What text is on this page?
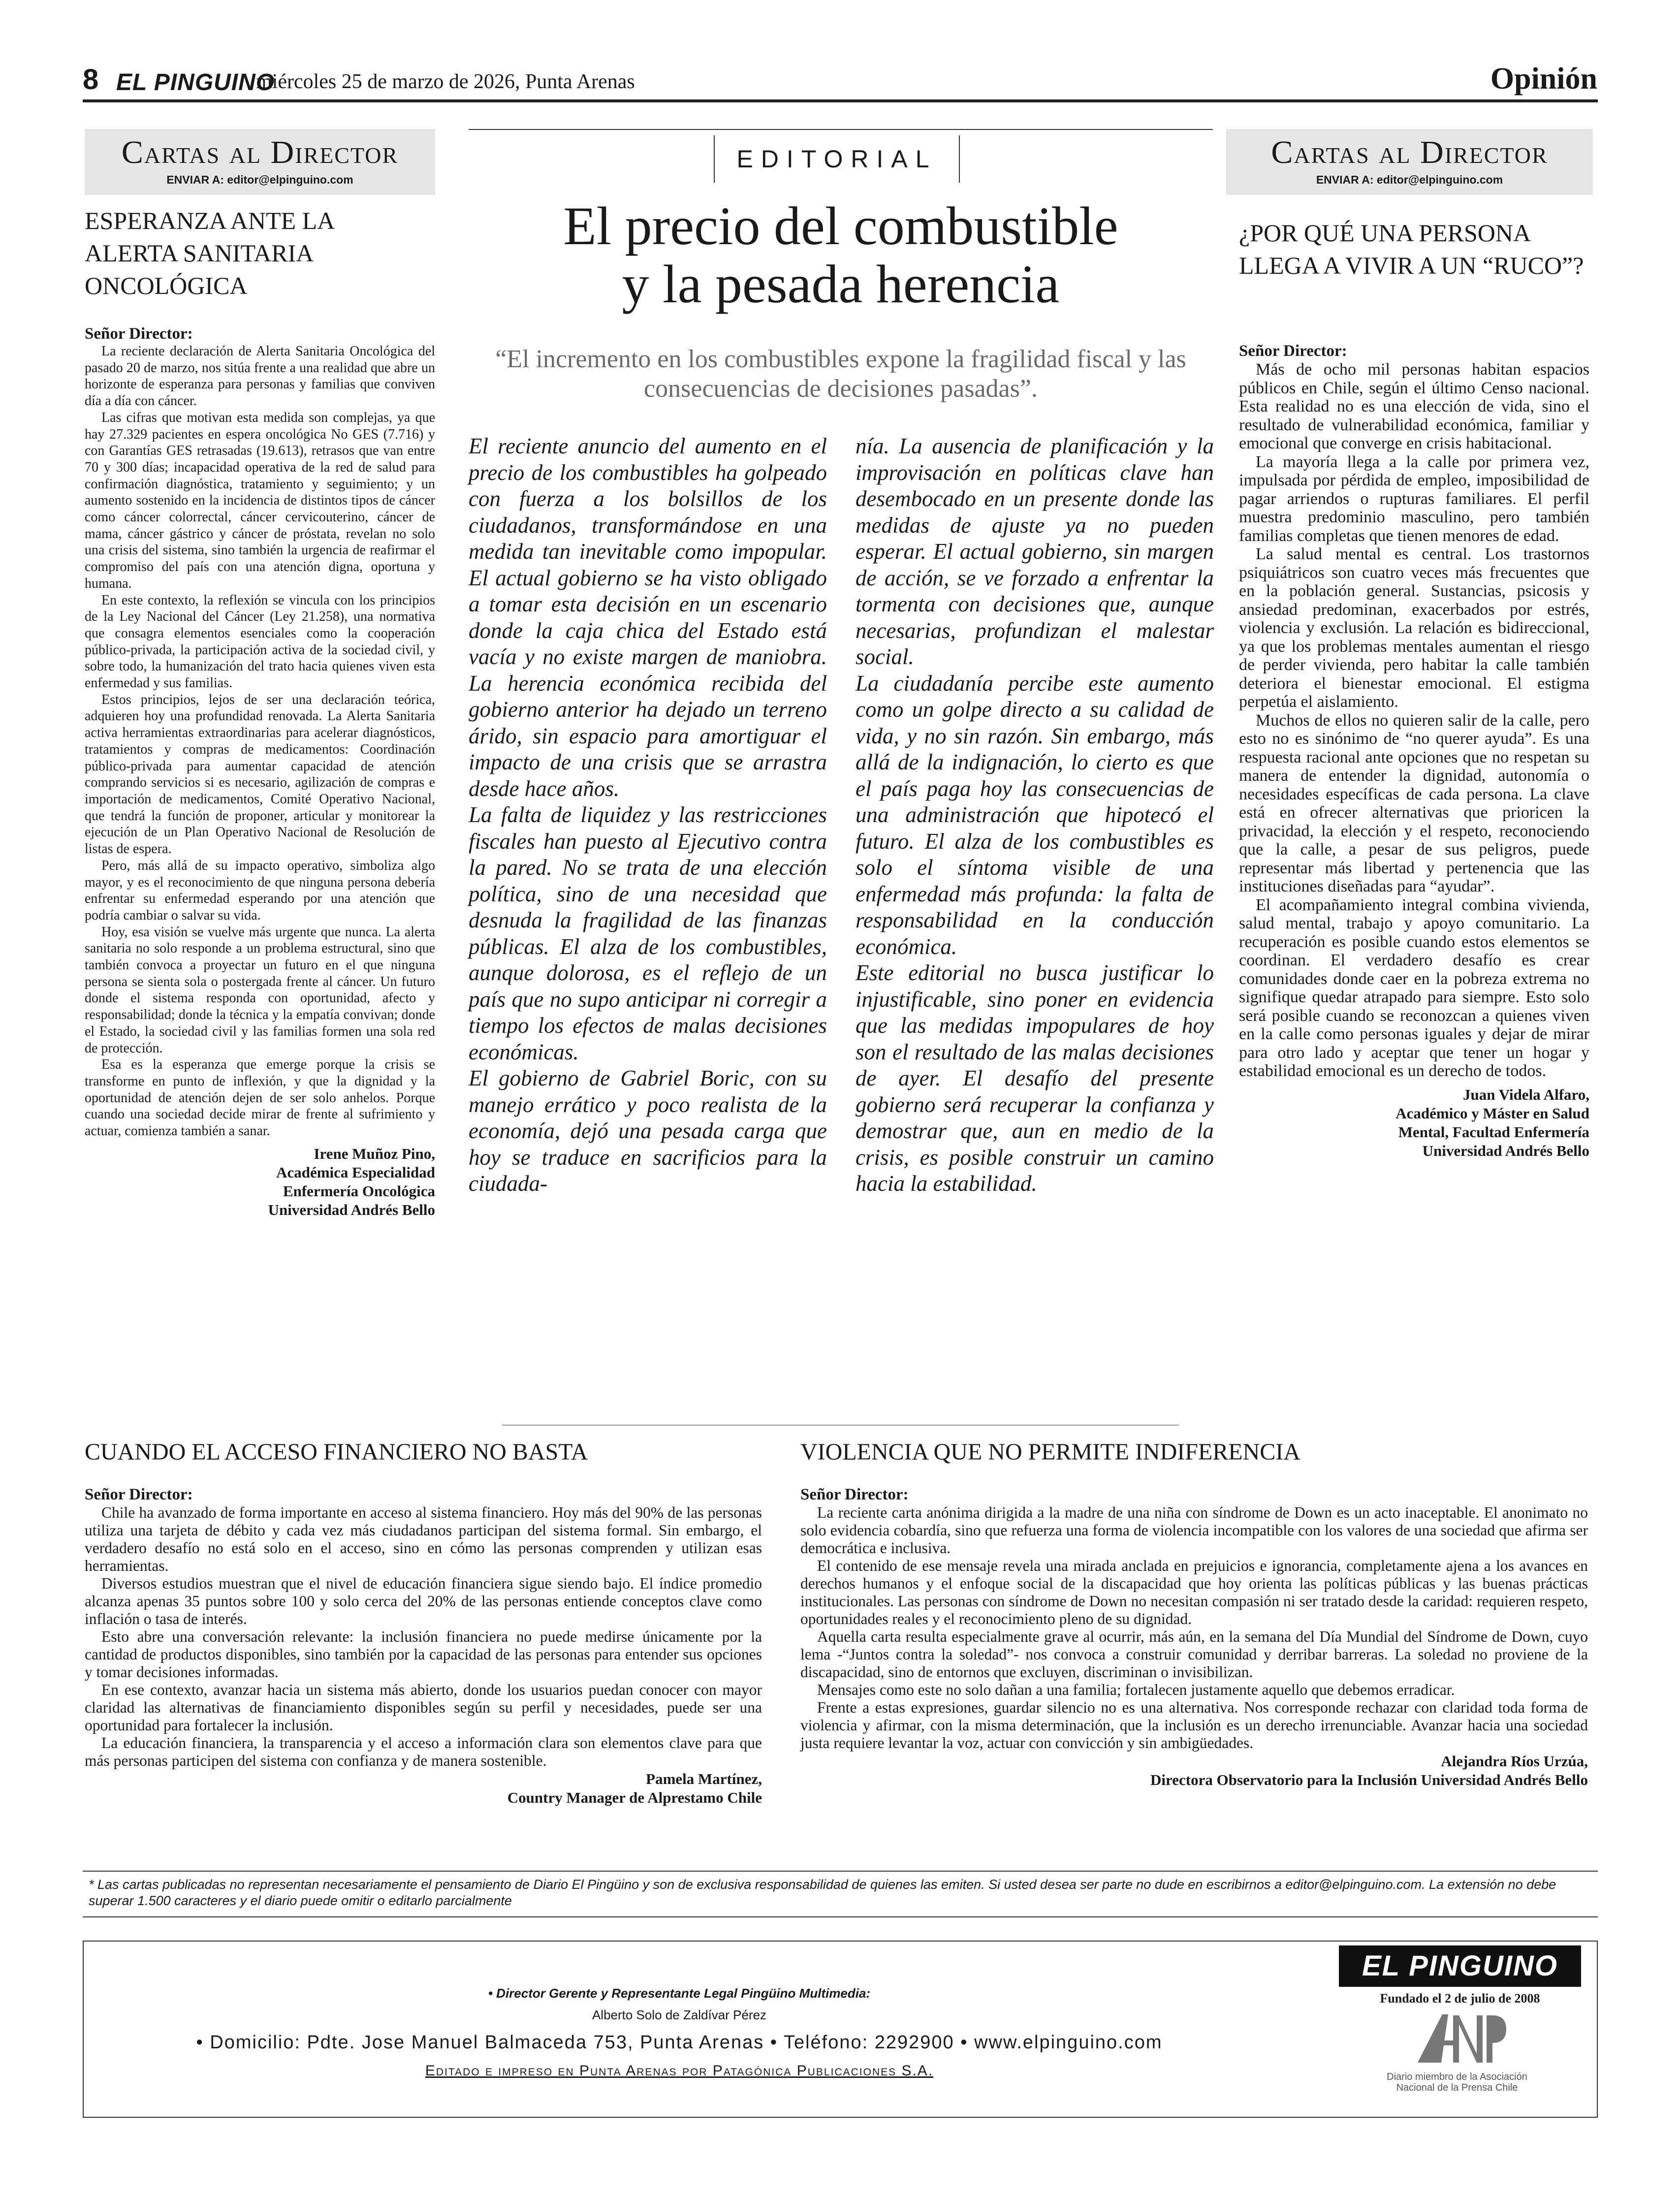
8 EL PINGUINO
miércoles 25 de marzo de 2026, Punta Arenas	Opinión
Cartas al Director
ENVIAR A: editor@elpinguino.com
ESPERANZA ANTE LA ALERTA SANITARIA ONCOLÓGICA
Señor Director:

La reciente declaración de Alerta Sanitaria Oncológica del pasado 20 de marzo, nos sitúa frente a una realidad que abre un horizonte de esperanza para personas y familias que conviven día a día con cáncer.

Las cifras que motivan esta medida son complejas, ya que hay 27.329 pacientes en espera oncológica No GES (7.716) y con Garantías GES retrasadas (19.613), retrasos que van entre 70 y 300 días; incapacidad operativa de la red de salud para confirmación diagnóstica, tratamiento y seguimiento; y un aumento sostenido en la incidencia de distintos tipos de cáncer como cáncer colorrectal, cáncer cervicouterino, cáncer de mama, cáncer gástrico y cáncer de próstata, revelan no solo una crisis del sistema, sino también la urgencia de reafirmar el compromiso del país con una atención digna, oportuna y humana.

En este contexto, la reflexión se vincula con los principios de la Ley Nacional del Cáncer (Ley 21.258), una normativa que consagra elementos esenciales como la cooperación público-privada, la participación activa de la sociedad civil, y sobre todo, la humanización del trato hacia quienes viven esta enfermedad y sus familias.

Estos principios, lejos de ser una declaración teórica, adquieren hoy una profundidad renovada. La Alerta Sanitaria activa herramientas extraordinarias para acelerar diagnósticos, tratamientos y compras de medicamentos: Coordinación público-privada para aumentar capacidad de atención comprando servicios si es necesario, agilización de compras e importación de medicamentos, Comité Operativo Nacional, que tendrá la función de proponer, articular y monitorear la ejecución de un Plan Operativo Nacional de Resolución de listas de espera.

Pero, más allá de su impacto operativo, simboliza algo mayor, y es el reconocimiento de que ninguna persona debería enfrentar su enfermedad esperando por una atención que podría cambiar o salvar su vida.

Hoy, esa visión se vuelve más urgente que nunca. La alerta sanitaria no solo responde a un problema estructural, sino que también convoca a proyectar un futuro en el que ninguna persona se sienta sola o postergada frente al cáncer. Un futuro donde el sistema responda con oportunidad, afecto y responsabilidad; donde la técnica y la empatía convivan; donde el Estado, la sociedad civil y las familias formen una sola red de protección.

Esa es la esperanza que emerge porque la crisis se transforme en punto de inflexión, y que la dignidad y la oportunidad de atención dejen de ser solo anhelos. Porque cuando una sociedad decide mirar de frente al sufrimiento y actuar, comienza también a sanar.

Irene Muñoz Pino,
Académica Especialidad
Enfermería Oncológica
Universidad Andrés Bello
EDITORIAL
El precio del combustible
y la pesada herencia
“El incremento en los combustibles expone la fragilidad fiscal y las consecuencias de decisiones pasadas”.

El reciente anuncio del aumento en el precio de los combustibles ha golpeado con fuerza a los bolsillos de los ciudadanos, transformándose en una medida tan inevitable como impopular. El actual gobierno se ha visto obligado a tomar esta decisión en un escenario donde la caja chica del Estado está vacía y no existe margen de maniobra. La herencia económica recibida del gobierno anterior ha dejado un terreno árido, sin espacio para amortiguar el impacto de una crisis que se arrastra desde hace años.

La falta de liquidez y las restricciones fiscales han puesto al Ejecutivo contra la pared. No se trata de una elección política, sino de una necesidad que desnuda la fragilidad de las finanzas públicas. El alza de los combustibles, aunque dolorosa, es el reflejo de un país que no supo anticipar ni corregir a tiempo los efectos de malas decisiones económicas.

El gobierno de Gabriel Boric, con su manejo errático y poco realista de la economía, dejó una pesada carga que hoy se traduce en sacrificios para la ciudada-

nía. La ausencia de planificación y la improvisación en políticas clave han desembocado en un presente donde las medidas de ajuste ya no pueden esperar. El actual gobierno, sin margen de acción, se ve forzado a enfrentar la tormenta con decisiones que, aunque necesarias, profundizan el malestar social.

La ciudadanía percibe este aumento como un golpe directo a su calidad de vida, y no sin razón. Sin embargo, más allá de la indignación, lo cierto es que el país paga hoy las consecuencias de una administración que hipotecó el futuro. El alza de los combustibles es solo el síntoma visible de una enfermedad más profunda: la falta de responsabilidad en la conducción económica.

Este editorial no busca justificar lo injustificable, sino poner en evidencia que las medidas impopulares de hoy son el resultado de las malas decisiones de ayer. El desafío del presente gobierno será recuperar la confianza y demostrar que, aun en medio de la crisis, es posible construir un camino hacia la estabilidad.

Cartas al Director
ENVIAR A: editor@elpinguino.com
¿POR QUÉ UNA PERSONA LLEGA A VIVIR A UN “RUCO”?
Señor Director:

Más de ocho mil personas habitan espacios públicos en Chile, según el último Censo nacional. Esta realidad no es una elección de vida, sino el resultado de vulnerabilidad económica, familiar y emocional que converge en crisis habitacional.

La mayoría llega a la calle por primera vez, impulsada por pérdida de empleo, imposibilidad de pagar arriendos o rupturas familiares. El perfil muestra predominio masculino, pero también familias completas que tienen menores de edad.

La salud mental es central. Los trastornos psiquiátricos son cuatro veces más frecuentes que en la población general. Sustancias, psicosis y ansiedad predominan, exacerbados por estrés, violencia y exclusión. La relación es bidireccional, ya que los problemas mentales aumentan el riesgo de perder vivienda, pero habitar la calle también deteriora el bienestar emocional. El estigma perpetúa el aislamiento.

Muchos de ellos no quieren salir de la calle, pero esto no es sinónimo de “no querer ayuda”. Es una respuesta racional ante opciones que no respetan su manera de entender la dignidad, autonomía o necesidades específicas de cada persona. La clave está en ofrecer alternativas que prioricen la privacidad, la elección y el respeto, reconociendo que la calle, a pesar de sus peligros, puede representar más libertad y pertenencia que las instituciones diseñadas para “ayudar”.

El acompañamiento integral combina vivienda, salud mental, trabajo y apoyo comunitario. La recuperación es posible cuando estos elementos se coordinan. El verdadero desafío es crear comunidades donde caer en la pobreza extrema no signifique quedar atrapado para siempre. Esto solo será posible cuando se reconozcan a quienes viven en la calle como personas iguales y dejar de mirar para otro lado y aceptar que tener un hogar y estabilidad emocional es un derecho de todos.

Juan Videla Alfaro,
Académico y Máster en Salud
Mental, Facultad Enfermería
Universidad Andrés Bello
CUANDO EL ACCESO FINANCIERO NO BASTA
Señor Director:

Chile ha avanzado de forma importante en acceso al sistema financiero. Hoy más del 90% de las personas utiliza una tarjeta de débito y cada vez más ciudadanos participan del sistema formal. Sin embargo, el verdadero desafío no está solo en el acceso, sino en cómo las personas comprenden y utilizan esas herramientas.

Diversos estudios muestran que el nivel de educación financiera sigue siendo bajo. El índice promedio alcanza apenas 35 puntos sobre 100 y solo cerca del 20% de las personas entiende conceptos clave como inflación o tasa de interés.

Esto abre una conversación relevante: la inclusión financiera no puede medirse únicamente por la cantidad de productos disponibles, sino también por la capacidad de las personas para entender sus opciones y tomar decisiones informadas.

En ese contexto, avanzar hacia un sistema más abierto, donde los usuarios puedan conocer con mayor claridad las alternativas de financiamiento disponibles según su perfil y necesidades, puede ser una oportunidad para fortalecer la inclusión.

La educación financiera, la transparencia y el acceso a información clara son elementos clave para que más personas participen del sistema con confianza y de manera sostenible.

Pamela Martínez,
Country Manager de Alprestamo Chile
VIOLENCIA QUE NO PERMITE INDIFERENCIA
Señor Director:

La reciente carta anónima dirigida a la madre de una niña con síndrome de Down es un acto inaceptable. El anonimato no solo evidencia cobardía, sino que refuerza una forma de violencia incompatible con los valores de una sociedad que afirma ser democrática e inclusiva.

El contenido de ese mensaje revela una mirada anclada en prejuicios e ignorancia, completamente ajena a los avances en derechos humanos y el enfoque social de la discapacidad que hoy orienta las políticas públicas y las buenas prácticas institucionales. Las personas con síndrome de Down no necesitan compasión ni ser tratado desde la caridad: requieren respeto, oportunidades reales y el reconocimiento pleno de su dignidad.

Aquella carta resulta especialmente grave al ocurrir, más aún, en la semana del Día Mundial del Síndrome de Down, cuyo lema -“Juntos contra la soledad”- nos convoca a construir comunidad y derribar barreras. La soledad no proviene de la discapacidad, sino de entornos que excluyen, discriminan o invisibilizan.

Mensajes como este no solo dañan a una familia; fortalecen justamente aquello que debemos erradicar.

Frente a estas expresiones, guardar silencio no es una alternativa. Nos corresponde rechazar con claridad toda forma de violencia y afirmar, con la misma determinación, que la inclusión es un derecho irrenunciable. Avanzar hacia una sociedad justa requiere levantar la voz, actuar con convicción y sin ambigüedades.

Alejandra Ríos Urzúa,
Directora Observatorio para la Inclusión Universidad Andrés Bello
* Las cartas publicadas no representan necesariamente el pensamiento de Diario El Pingüino y son de exclusiva responsabilidad de quienes las emiten. Si usted desea ser parte no dude en escribirnos a editor@elpinguino.com. La extensión no debe superar 1.500 caracteres y el diario puede omitir o editarlo parcialmente
• Director Gerente y Representante Legal Pingüino Multimedia:
Alberto Solo de Zaldívar Pérez
• Domicilio: Pdte. Jose Manuel Balmaceda 753, Punta Arenas • Teléfono: 2292900 • www.elpinguino.com
Editado e impreso en Punta Arenas por Patagónica Publicaciones S.A.
EL PINGUINO
Fundado el 2 de julio de 2008
Diario miembro de la Asociación
Nacional de la Prensa Chile
